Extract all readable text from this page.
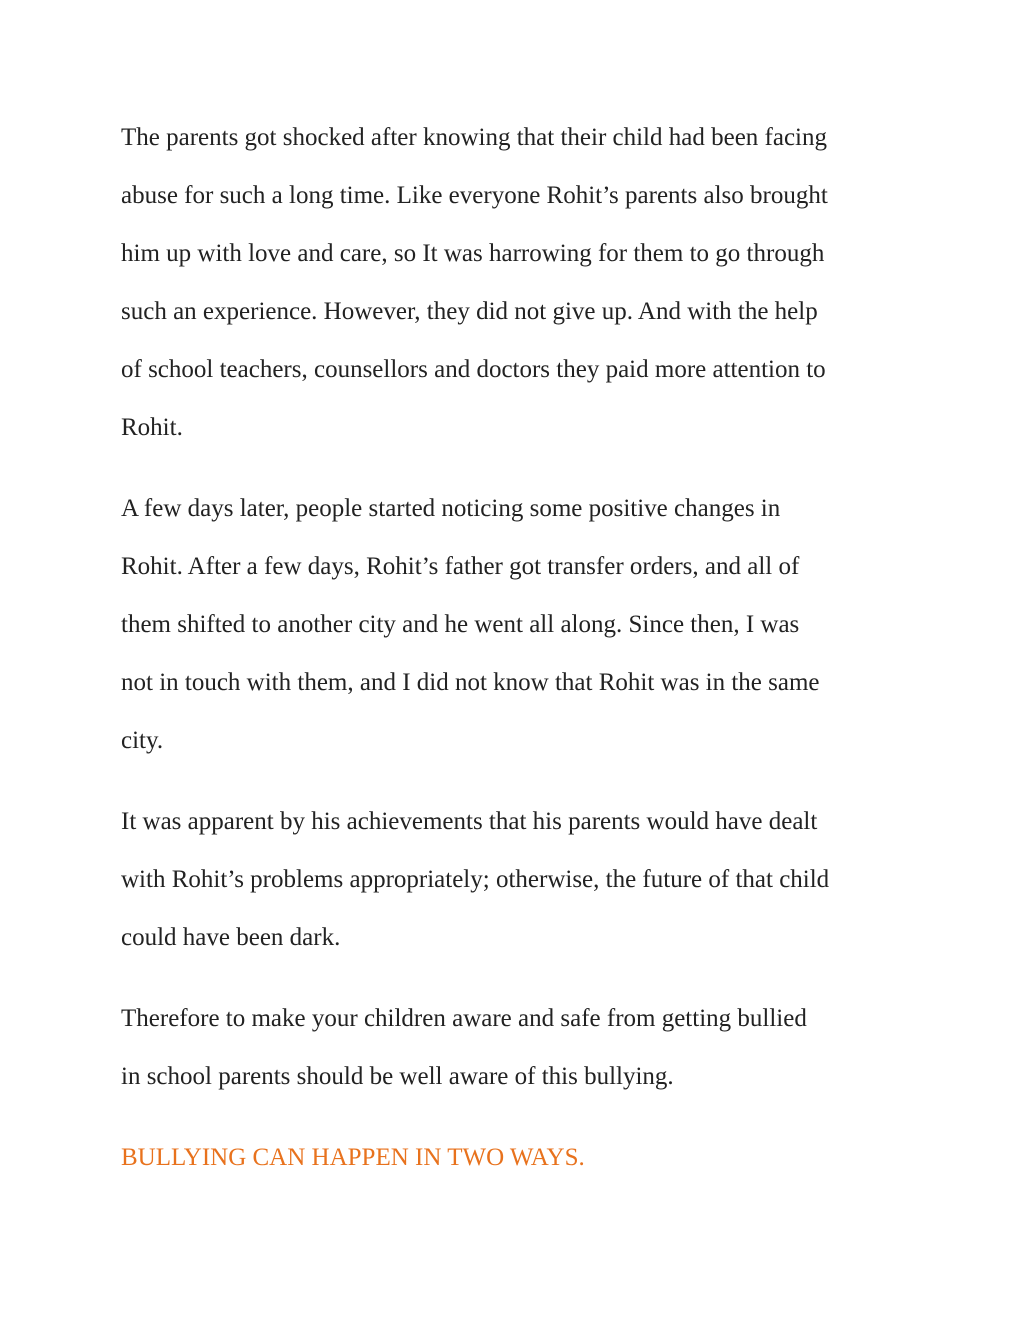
The parents got shocked after knowing that their child had been facing
abuse for such a long time. Like everyone Rohit’s parents also brought
him up with love and care, so It was harrowing for them to go through
such an experience. However, they did not give up. And with the help
of school teachers, counsellors and doctors they paid more attention to
Rohit.

A few days later, people started noticing some positive changes in
Rohit. After a few days, Rohit’s father got transfer orders, and all of
them shifted to another city and he went all along. Since then, I was
not in touch with them, and I did not know that Rohit was in the same
city.

It was apparent by his achievements that his parents would have dealt
with Rohit’s problems appropriately; otherwise, the future of that child
could have been dark.

Therefore to make your children aware and safe from getting bullied
in school parents should be well aware of this bullying.

BULLYING CAN HAPPEN IN TWO WAYS.
